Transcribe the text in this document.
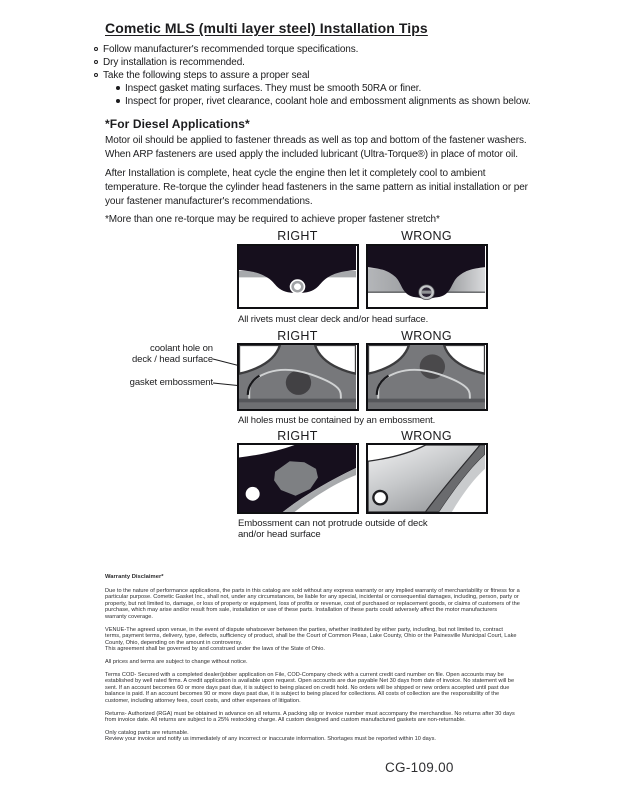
Cometic MLS (multi layer steel) Installation Tips
Follow manufacturer's recommended torque specifications.
Dry installation is recommended.
Take the following steps to assure a proper seal
Inspect gasket mating surfaces. They must be smooth 50RA or finer.
Inspect for proper, rivet clearance, coolant hole and embossment alignments as shown below.
*For Diesel Applications*
Motor oil should be applied to fastener threads as well as top and bottom of the fastener washers. When ARP fasteners are used apply the included lubricant (Ultra-Torque®) in place of motor oil.
After Installation is complete, heat cycle the engine then let it completely cool to ambient temperature. Re-torque the cylinder head fasteners in the same pattern as initial installation or per your fastener manufacturer's recommendations.
*More than one re-torque may be required to achieve proper fastener stretch*
RIGHT	WRONG
All rivets must clear deck and/or head surface.
RIGHT	WRONG
coolant hole on
deck / head surface
gasket embossment
All holes must be contained by an embossment.
RIGHT	WRONG
Embossment can not protrude outside of deck
and/or head surface
Warranty Disclaimer*

Due to the nature of performance applications, the parts in this catalog are sold without any express warranty or any implied warranty of merchantability or fitness for a particular purpose. Cometic Gasket Inc., shall not, under any circumstances, be liable for any special, incidental or consequential damages, including, person, party or property, but not limited to, damage, or loss of property or equipment, loss of profits or revenue, cost of purchased or replacement goods, or claims of customers of the purchase, which may arise and/or result from sale, installation or use of these parts. Installation of these parts could adversely affect the motor manufacturers warranty coverage.

VENUE-The agreed upon venue, in the event of dispute whatsoever between the parties, whether instituted by either party, including, but not limited to, contract terms, payment terms, delivery, type, defects, sufficiency of product, shall be the Court of Common Pleas, Lake County, Ohio or the Painesville Municipal Court, Lake County, Ohio, depending on the amount in controversy.

This agreement shall be governed by and construed under the laws of the State of Ohio.

All prices and terms are subject to change without notice.

Terms COD- Secured with a completed dealer/jobber application on File, COD-Company check with a current credit card number on file. Open accounts may be established by well rated firms. A credit application is available upon request. Open accounts are due payable Net 30 days from date of invoice. No statement will be sent. If an account becomes 60 or more days past due, it is subject to being placed on credit hold. No orders will be shipped or new orders accepted until past due balance is paid. If an account becomes 90 or more days past due, it is subject to being placed for collections. All costs of collection are the responsibility of the customer, including attorney fees, court costs, and other expenses of litigation.

Returns- Authorized (RGA) must be obtained in advance on all returns. A packing slip or invoice number must accompany the merchandise. No returns after 30 days from invoice date. All returns are subject to a 25% restocking charge. All custom designed and custom manufactured gaskets are non-returnable.

Only catalog parts are returnable.

Review your invoice and notify us immediately of any incorrect or inaccurate information. Shortages must be reported within 10 days.

CG-109.00
